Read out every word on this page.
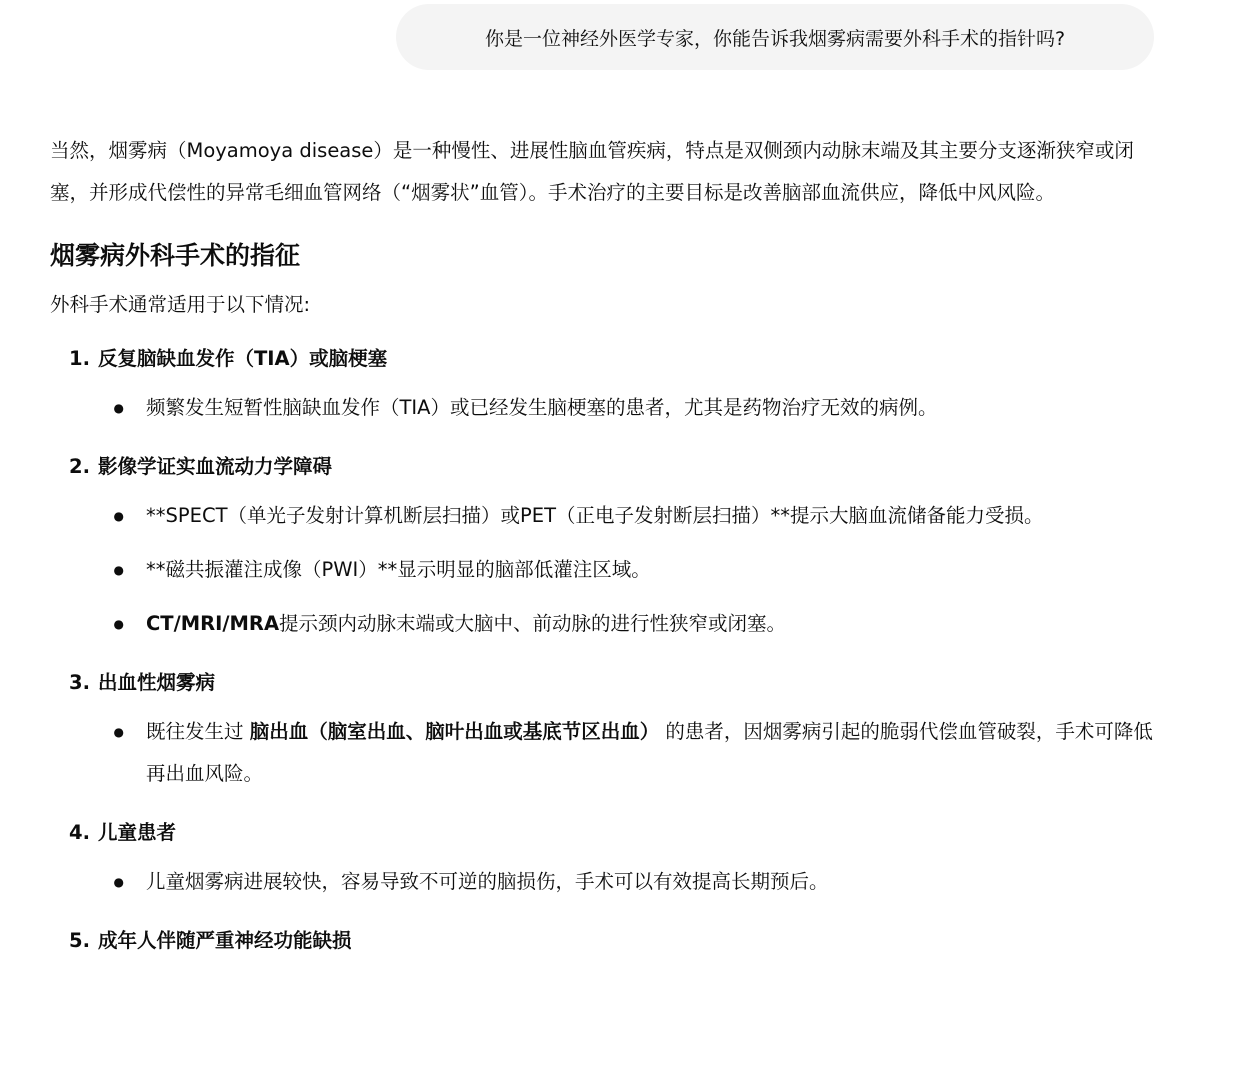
你是一位神经外医学专家，你能告诉我烟雾病需要外科手术的指针吗?

当然，烟雾病（Moyamoya disease）是一种慢性、进展性脑血管疾病，特点是双侧颈内动脉末端及其主要分支逐渐狭窄或闭塞，并形成代偿性的异常毛细血管网络（“烟雾状”血管）。手术治疗的主要目标是改善脑部血流供应，降低中风风险。

烟雾病外科手术的指征

外科手术通常适用于以下情况:

1. 反复脑缺血发作（TIA）或脑梗塞
●	频繁发生短暂性脑缺血发作（TIA）或已经发生脑梗塞的患者，尤其是药物治疗无效的病例。
2. 影像学证实血流动力学障碍
●	**SPECT（单光子发射计算机断层扫描）或PET（正电子发射断层扫描）**提示大脑血流储备能力受损。
●	**磁共振灌注成像（PWI）**显示明显的脑部低灌注区域。
●	CT/MRI/MRA提示颈内动脉末端或大脑中、前动脉的进行性狭窄或闭塞。
3. 出血性烟雾病
●	既往发生过 脑出血（脑室出血、脑叶出血或基底节区出血） 的患者，因烟雾病引起的脆弱代偿血管破裂，手术可降低再出血风险。
4. 儿童患者
●	儿童烟雾病进展较快，容易导致不可逆的脑损伤，手术可以有效提高长期预后。
5. 成年人伴随严重神经功能缺损
